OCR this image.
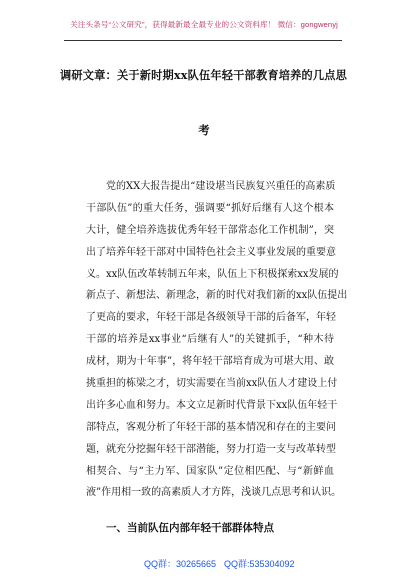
关注头条号“公文研究”，获得最新最全最专业的公文资料库！ 微信：gongwenyj
调研文章：关于新时期xx队伍年轻干部教育培养的几点思
考
党的XX大报告提出“建设堪当民族复兴重任的高素质
干部队伍”的重大任务，强调要“抓好后继有人这个根本
大计，健全培养选拔优秀年轻干部常态化工作机制”，突
出了培养年轻干部对中国特色社会主义事业发展的重要意
义。xx队伍改革转制五年来，队伍上下积极探索xx发展的
新点子、新想法、新理念，新的时代对我们新的xx队伍提出
了更高的要求，年轻干部是各级领导干部的后备军，年轻
干部的培养是xx事业“后继有人”的关键抓手，“种木待
成材，期为十年事”，将年轻干部培育成为可堪大用、敢
挑重担的栋梁之才，切实需要在当前xx队伍人才建设上付
出许多心血和努力。本文立足新时代背景下xx队伍年轻干
部特点，客观分析了年轻干部的基本情况和存在的主要问
题，就充分挖掘年轻干部潜能，努力打造一支与改革转型
相契合、与“主力军、国家队”定位相匹配、与“新鲜血
液”作用相一致的高素质人才方阵，浅谈几点思考和认识。
一、当前队伍内部年轻干部群体特点
QQ群：30265665 QQ群:535304092
